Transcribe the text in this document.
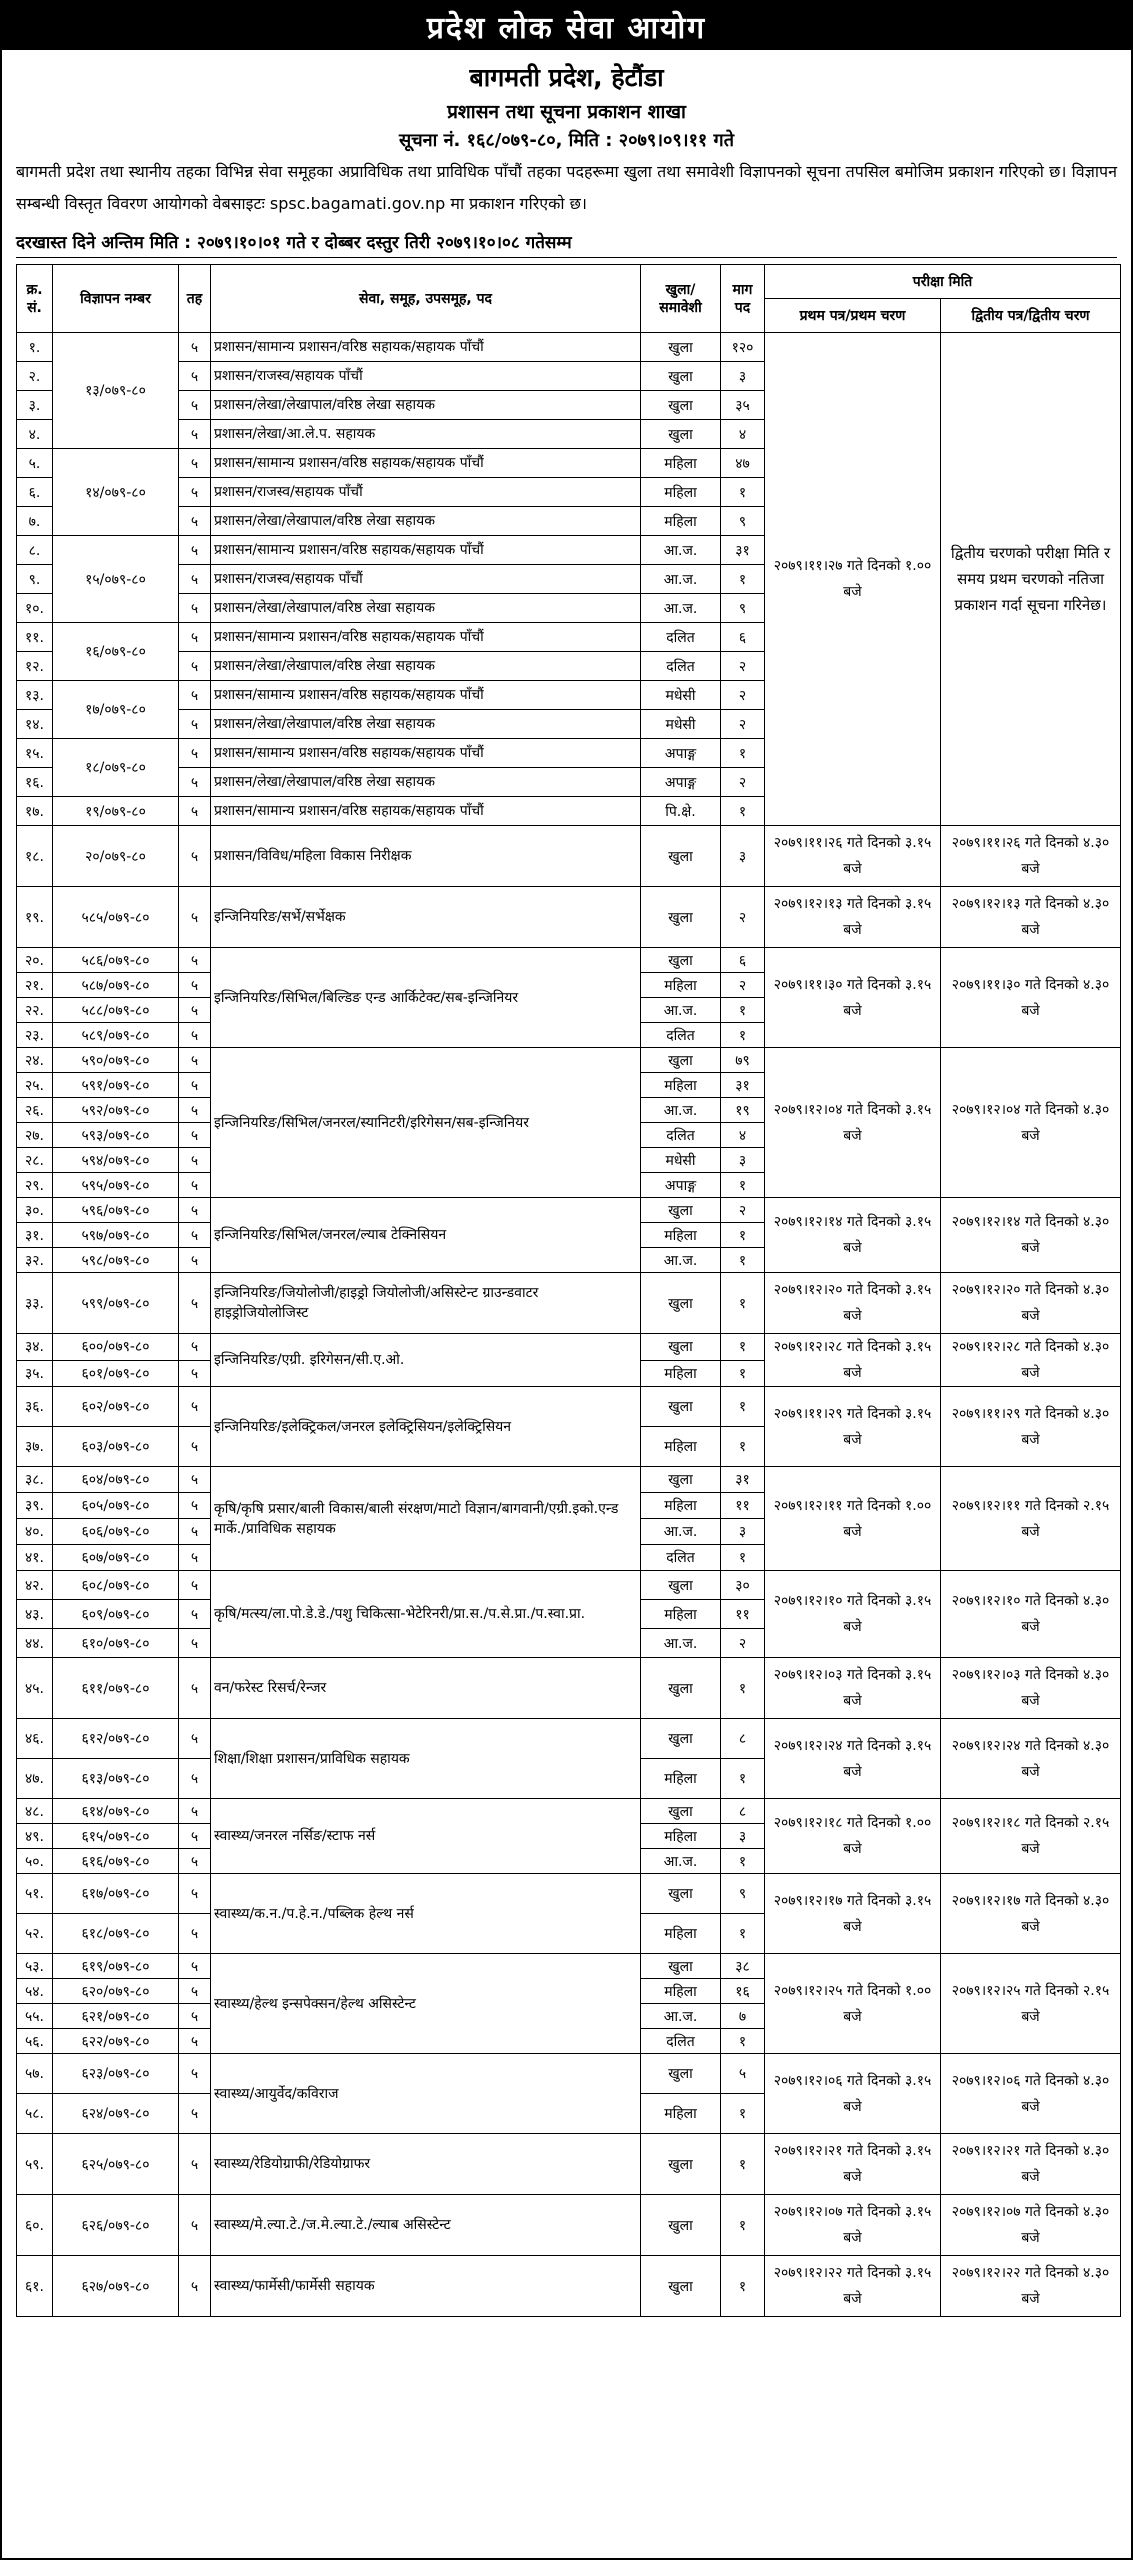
प्रदेश लोक सेवा आयोग
बागमती प्रदेश, हेटौंडा
प्रशासन तथा सूचना प्रकाशन शाखा
सूचना नं. १६८/०७९-८०, मिति : २०७९।०९।११ गते
बागमती प्रदेश तथा स्थानीय तहका विभिन्न सेवा समूहका अप्राविधिक तथा प्राविधिक पाँचौं तहका पदहरूमा खुला तथा समावेशी विज्ञापनको सूचना तपसिल बमोजिम प्रकाशन गरिएको छ। विज्ञापन सम्बन्धी विस्तृत विवरण आयोगको वेबसाइटः spsc.bagamati.gov.np मा प्रकाशन गरिएको छ।
दरखास्त दिने अन्तिम मिति : २०७९।१०।०१ गते र दोब्बर दस्तुर तिरी २०७९।१०।०८ गतेसम्म
क्र. सं.	विज्ञापन नम्बर	तह	सेवा, समूह, उपसमूह, पद	खुला/ समावेशी	माग पद	परीक्षा मिति	
						प्रथम पत्र/प्रथम चरण	द्वितीय पत्र/द्वितीय चरण
१.	१३/०७९-८०	५	प्रशासन/सामान्य प्रशासन/वरिष्ठ सहायक/सहायक पाँचौं	खुला	१२०	२०७९।११।२७ गते दिनको १.०० बजे	द्वितीय चरणको परीक्षा मिति र समय प्रथम चरणको नतिजा प्रकाशन गर्दा सूचना गरिनेछ।
२.		५	प्रशासन/राजस्व/सहायक पाँचौं	खुला	३		
३.		५	प्रशासन/लेखा/लेखापाल/वरिष्ठ लेखा सहायक	खुला	३५		
४.		५	प्रशासन/लेखा/आ.ले.प. सहायक	खुला	४		
५.	१४/०७९-८०	५	प्रशासन/सामान्य प्रशासन/वरिष्ठ सहायक/सहायक पाँचौं	महिला	४७		
६.		५	प्रशासन/राजस्व/सहायक पाँचौं	महिला	१		
७.		५	प्रशासन/लेखा/लेखापाल/वरिष्ठ लेखा सहायक	महिला	९		
८.	१५/०७९-८०	५	प्रशासन/सामान्य प्रशासन/वरिष्ठ सहायक/सहायक पाँचौं	आ.ज.	३१		
९.		५	प्रशासन/राजस्व/सहायक पाँचौं	आ.ज.	१		
१०.		५	प्रशासन/लेखा/लेखापाल/वरिष्ठ लेखा सहायक	आ.ज.	९		
११.	१६/०७९-८०	५	प्रशासन/सामान्य प्रशासन/वरिष्ठ सहायक/सहायक पाँचौं	दलित	६		
१२.		५	प्रशासन/लेखा/लेखापाल/वरिष्ठ लेखा सहायक	दलित	२		
१३.	१७/०७९-८०	५	प्रशासन/सामान्य प्रशासन/वरिष्ठ सहायक/सहायक पाँचौं	मधेसी	२		
१४.		५	प्रशासन/लेखा/लेखापाल/वरिष्ठ लेखा सहायक	मधेसी	२		
१५.	१८/०७९-८०	५	प्रशासन/सामान्य प्रशासन/वरिष्ठ सहायक/सहायक पाँचौं	अपाङ्ग	१		
१६.		५	प्रशासन/लेखा/लेखापाल/वरिष्ठ लेखा सहायक	अपाङ्ग	२		
१७.	१९/०७९-८०	५	प्रशासन/सामान्य प्रशासन/वरिष्ठ सहायक/सहायक पाँचौं	पि.क्षे.	१		
१८.	२०/०७९-८०	५	प्रशासन/विविध/महिला विकास निरीक्षक	खुला	३	२०७९।११।२६ गते दिनको ३.१५ बजे	२०७९।११।२६ गते दिनको ४.३० बजे
१९.	५८५/०७९-८०	५	इन्जिनियरिङ/सर्भे/सर्भेक्षक	खुला	२	२०७९।१२।१३ गते दिनको ३.१५ बजे	२०७९।१२।१३ गते दिनको ४.३० बजे
२०.	५८६/०७९-८०	५	इन्जिनियरिङ/सिभिल/बिल्डिङ एन्ड आर्किटेक्ट/सब-इन्जिनियर	खुला	६	२०७९।११।३० गते दिनको ३.१५ बजे	२०७९।११।३० गते दिनको ४.३० बजे
२१.	५८७/०७९-८०	५		महिला	२		
२२.	५८८/०७९-८०	५		आ.ज.	१		
२३.	५८९/०७९-८०	५		दलित	१		
२४.	५९०/०७९-८०	५	इन्जिनियरिङ/सिभिल/जनरल/स्यानिटरी/इरिगेसन/सब-इन्जिनियर	खुला	७९	२०७९।१२।०४ गते दिनको ३.१५ बजे	२०७९।१२।०४ गते दिनको ४.३० बजे
२५.	५९१/०७९-८०	५		महिला	३१		
२६.	५९२/०७९-८०	५		आ.ज.	१९		
२७.	५९३/०७९-८०	५		दलित	४		
२८.	५९४/०७९-८०	५		मधेसी	३		
२९.	५९५/०७९-८०	५		अपाङ्ग	१		
३०.	५९६/०७९-८०	५	इन्जिनियरिङ/सिभिल/जनरल/ल्याब टेक्निसियन	खुला	२	२०७९।१२।१४ गते दिनको ३.१५ बजे	२०७९।१२।१४ गते दिनको ४.३० बजे
३१.	५९७/०७९-८०	५		महिला	१		
३२.	५९८/०७९-८०	५		आ.ज.	१		
३३.	५९९/०७९-८०	५	इन्जिनियरिङ/जियोलोजी/हाइड्रो जियोलोजी/असिस्टेन्ट ग्राउन्डवाटर हाइड्रोजियोलोजिस्ट	खुला	१	२०७९।१२।२० गते दिनको ३.१५ बजे	२०७९।१२।२० गते दिनको ४.३० बजे
३४.	६००/०७९-८०	५	इन्जिनियरिङ/एग्री. इरिगेसन/सी.ए.ओ.	खुला	१	२०७९।१२।२८ गते दिनको ३.१५ बजे	२०७९।१२।२८ गते दिनको ४.३० बजे
३५.	६०१/०७९-८०	५		महिला	१		
३६.	६०२/०७९-८०	५	इन्जिनियरिङ/इलेक्ट्रिकल/जनरल इलेक्ट्रिसियन/इलेक्ट्रिसियन	खुला	१	२०७९।११।२९ गते दिनको ३.१५ बजे	२०७९।११।२९ गते दिनको ४.३० बजे
३७.	६०३/०७९-८०	५		महिला	१		
३८.	६०४/०७९-८०	५	कृषि/कृषि प्रसार/बाली विकास/बाली संरक्षण/माटो विज्ञान/बागवानी/एग्री.इको.एन्ड मार्के./प्राविधिक सहायक	खुला	३१	२०७९।१२।११ गते दिनको १.०० बजे	२०७९।१२।११ गते दिनको २.१५ बजे
३९.	६०५/०७९-८०	५		महिला	११		
४०.	६०६/०७९-८०	५		आ.ज.	३		
४१.	६०७/०७९-८०	५		दलित	१		
४२.	६०८/०७९-८०	५	कृषि/मत्स्य/ला.पो.डे.डे./पशु चिकित्सा-भेटेरिनरी/प्रा.स./प.से.प्रा./प.स्वा.प्रा.	खुला	३०	२०७९।१२।१० गते दिनको ३.१५ बजे	२०७९।१२।१० गते दिनको ४.३० बजे
४३.	६०९/०७९-८०	५		महिला	११		
४४.	६१०/०७९-८०	५		आ.ज.	२		
४५.	६११/०७९-८०	५	वन/फरेस्ट रिसर्च/रेन्जर	खुला	१	२०७९।१२।०३ गते दिनको ३.१५ बजे	२०७९।१२।०३ गते दिनको ४.३० बजे
४६.	६१२/०७९-८०	५	शिक्षा/शिक्षा प्रशासन/प्राविधिक सहायक	खुला	८	२०७९।१२।२४ गते दिनको ३.१५ बजे	२०७९।१२।२४ गते दिनको ४.३० बजे
४७.	६१३/०७९-८०	५		महिला	१		
४८.	६१४/०७९-८०	५	स्वास्थ्य/जनरल नर्सिङ/स्टाफ नर्स	खुला	८	२०७९।१२।१८ गते दिनको १.०० बजे	२०७९।१२।१८ गते दिनको २.१५ बजे
४९.	६१५/०७९-८०	५		महिला	३		
५०.	६१६/०७९-८०	५		आ.ज.	१		
५१.	६१७/०७९-८०	५	स्वास्थ्य/क.न./प.हे.न./पब्लिक हेल्थ नर्स	खुला	९	२०७९।१२।१७ गते दिनको ३.१५ बजे	२०७९।१२।१७ गते दिनको ४.३० बजे
५२.	६१८/०७९-८०	५		महिला	१		
५३.	६१९/०७९-८०	५	स्वास्थ्य/हेल्थ इन्सपेक्सन/हेल्थ असिस्टेन्ट	खुला	३८	२०७९।१२।२५ गते दिनको १.०० बजे	२०७९।१२।२५ गते दिनको २.१५ बजे
५४.	६२०/०७९-८०	५		महिला	१६		
५५.	६२१/०७९-८०	५		आ.ज.	७		
५६.	६२२/०७९-८०	५		दलित	१		
५७.	६२३/०७९-८०	५	स्वास्थ्य/आयुर्वेद/कविराज	खुला	५	२०७९।१२।०६ गते दिनको ३.१५ बजे	२०७९।१२।०६ गते दिनको ४.३० बजे
५८.	६२४/०७९-८०	५		महिला	१		
५९.	६२५/०७९-८०	५	स्वास्थ्य/रेडियोग्राफी/रेडियोग्राफर	खुला	१	२०७९।१२।२१ गते दिनको ३.१५ बजे	२०७९।१२।२१ गते दिनको ४.३० बजे
६०.	६२६/०७९-८०	५	स्वास्थ्य/मे.ल्या.टे./ज.मे.ल्या.टे./ल्याब असिस्टेन्ट	खुला	१	२०७९।१२।०७ गते दिनको ३.१५ बजे	२०७९।१२।०७ गते दिनको ४.३० बजे
६१.	६२७/०७९-८०	५	स्वास्थ्य/फार्मेसी/फार्मेसी सहायक	खुला	१	२०७९।१२।२२ गते दिनको ३.१५ बजे	२०७९।१२।२२ गते दिनको ४.३० बजे
